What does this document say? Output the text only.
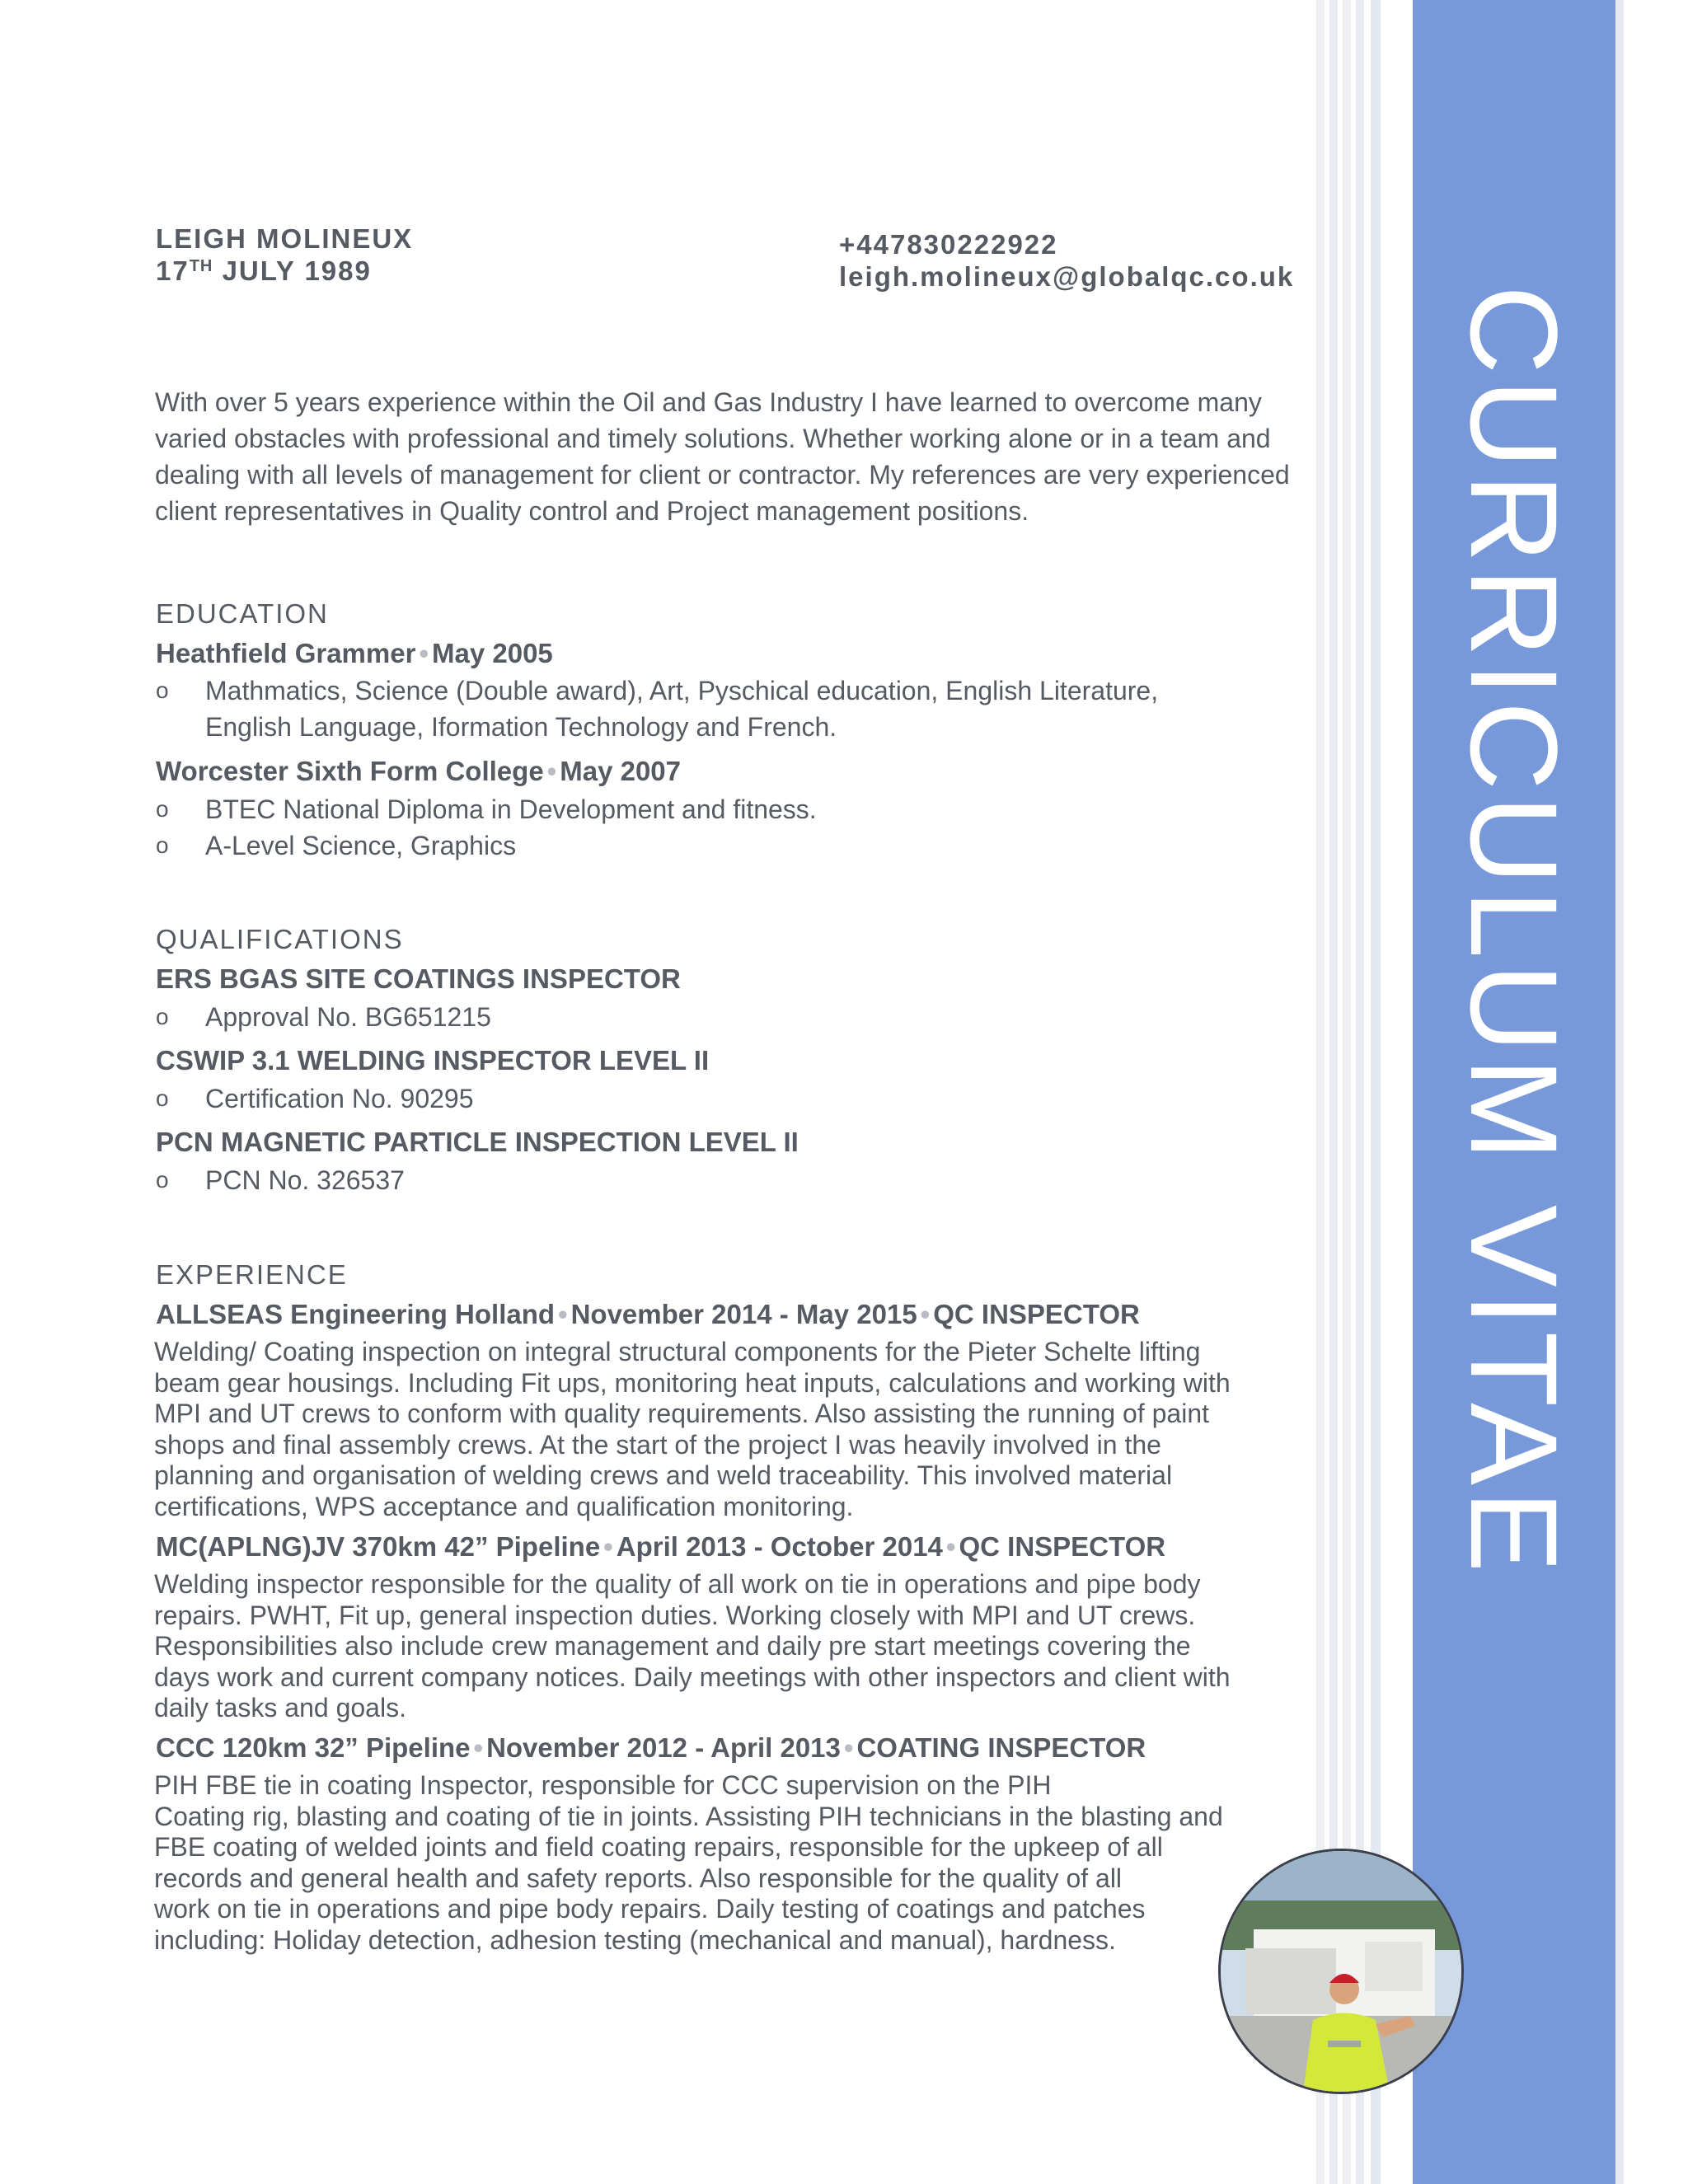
CURRICULUM VITAE
LEIGH MOLINEUX
17TH JULY 1989
+447830222922
leigh.molineux@globalqc.co.uk
With over 5 years experience within the Oil and Gas Industry I have learned to overcome many varied obstacles with professional and timely solutions. Whether working alone or in a team and dealing with all levels of management for client or contractor. My references are very experienced client representatives in Quality control and Project management positions.
EDUCATION
Heathfield Grammer • May 2005
o	Mathmatics, Science (Double award), Art, Pyschical education, English Literature, English Language, Iformation Technology and French.
Worcester Sixth Form College • May 2007
o	BTEC National Diploma in Development and fitness.
o	A-Level Science, Graphics
QUALIFICATIONS
ERS BGAS SITE COATINGS INSPECTOR
o	Approval No. BG651215
CSWIP 3.1 WELDING INSPECTOR LEVEL II
o	Certification No. 90295
PCN MAGNETIC PARTICLE INSPECTION LEVEL II
o	PCN No. 326537
EXPERIENCE
ALLSEAS Engineering Holland • November 2014 - May 2015 • QC INSPECTOR
Welding/ Coating inspection on integral structural components for the Pieter Schelte lifting
beam gear housings. Including Fit ups, monitoring heat inputs, calculations and working with
MPI and UT crews to conform with quality requirements. Also assisting the running of paint
shops and final assembly crews. At the start of the project I was heavily involved in the
planning and organisation of welding crews and weld traceability. This involved material
certifications, WPS acceptance and qualification monitoring.
MC(APLNG)JV 370km 42” Pipeline • April 2013 - October 2014 • QC INSPECTOR
Welding inspector responsible for the quality of all work on tie in operations and pipe body
repairs. PWHT, Fit up, general inspection duties. Working closely with MPI and UT crews.
Responsibilities also include crew management and daily pre start meetings covering the
days work and current company notices. Daily meetings with other inspectors and client with
daily tasks and goals.
CCC 120km 32” Pipeline • November 2012 - April 2013 • COATING INSPECTOR
PIH FBE tie in coating Inspector, responsible for CCC supervision on the PIH
Coating rig, blasting and coating of tie in joints. Assisting PIH technicians in the blasting and
FBE coating of welded joints and field coating repairs, responsible for the upkeep of all
records and general health and safety reports. Also responsible for the quality of all
work on tie in operations and pipe body repairs. Daily testing of coatings and patches
including: Holiday detection, adhesion testing (mechanical and manual), hardness.
